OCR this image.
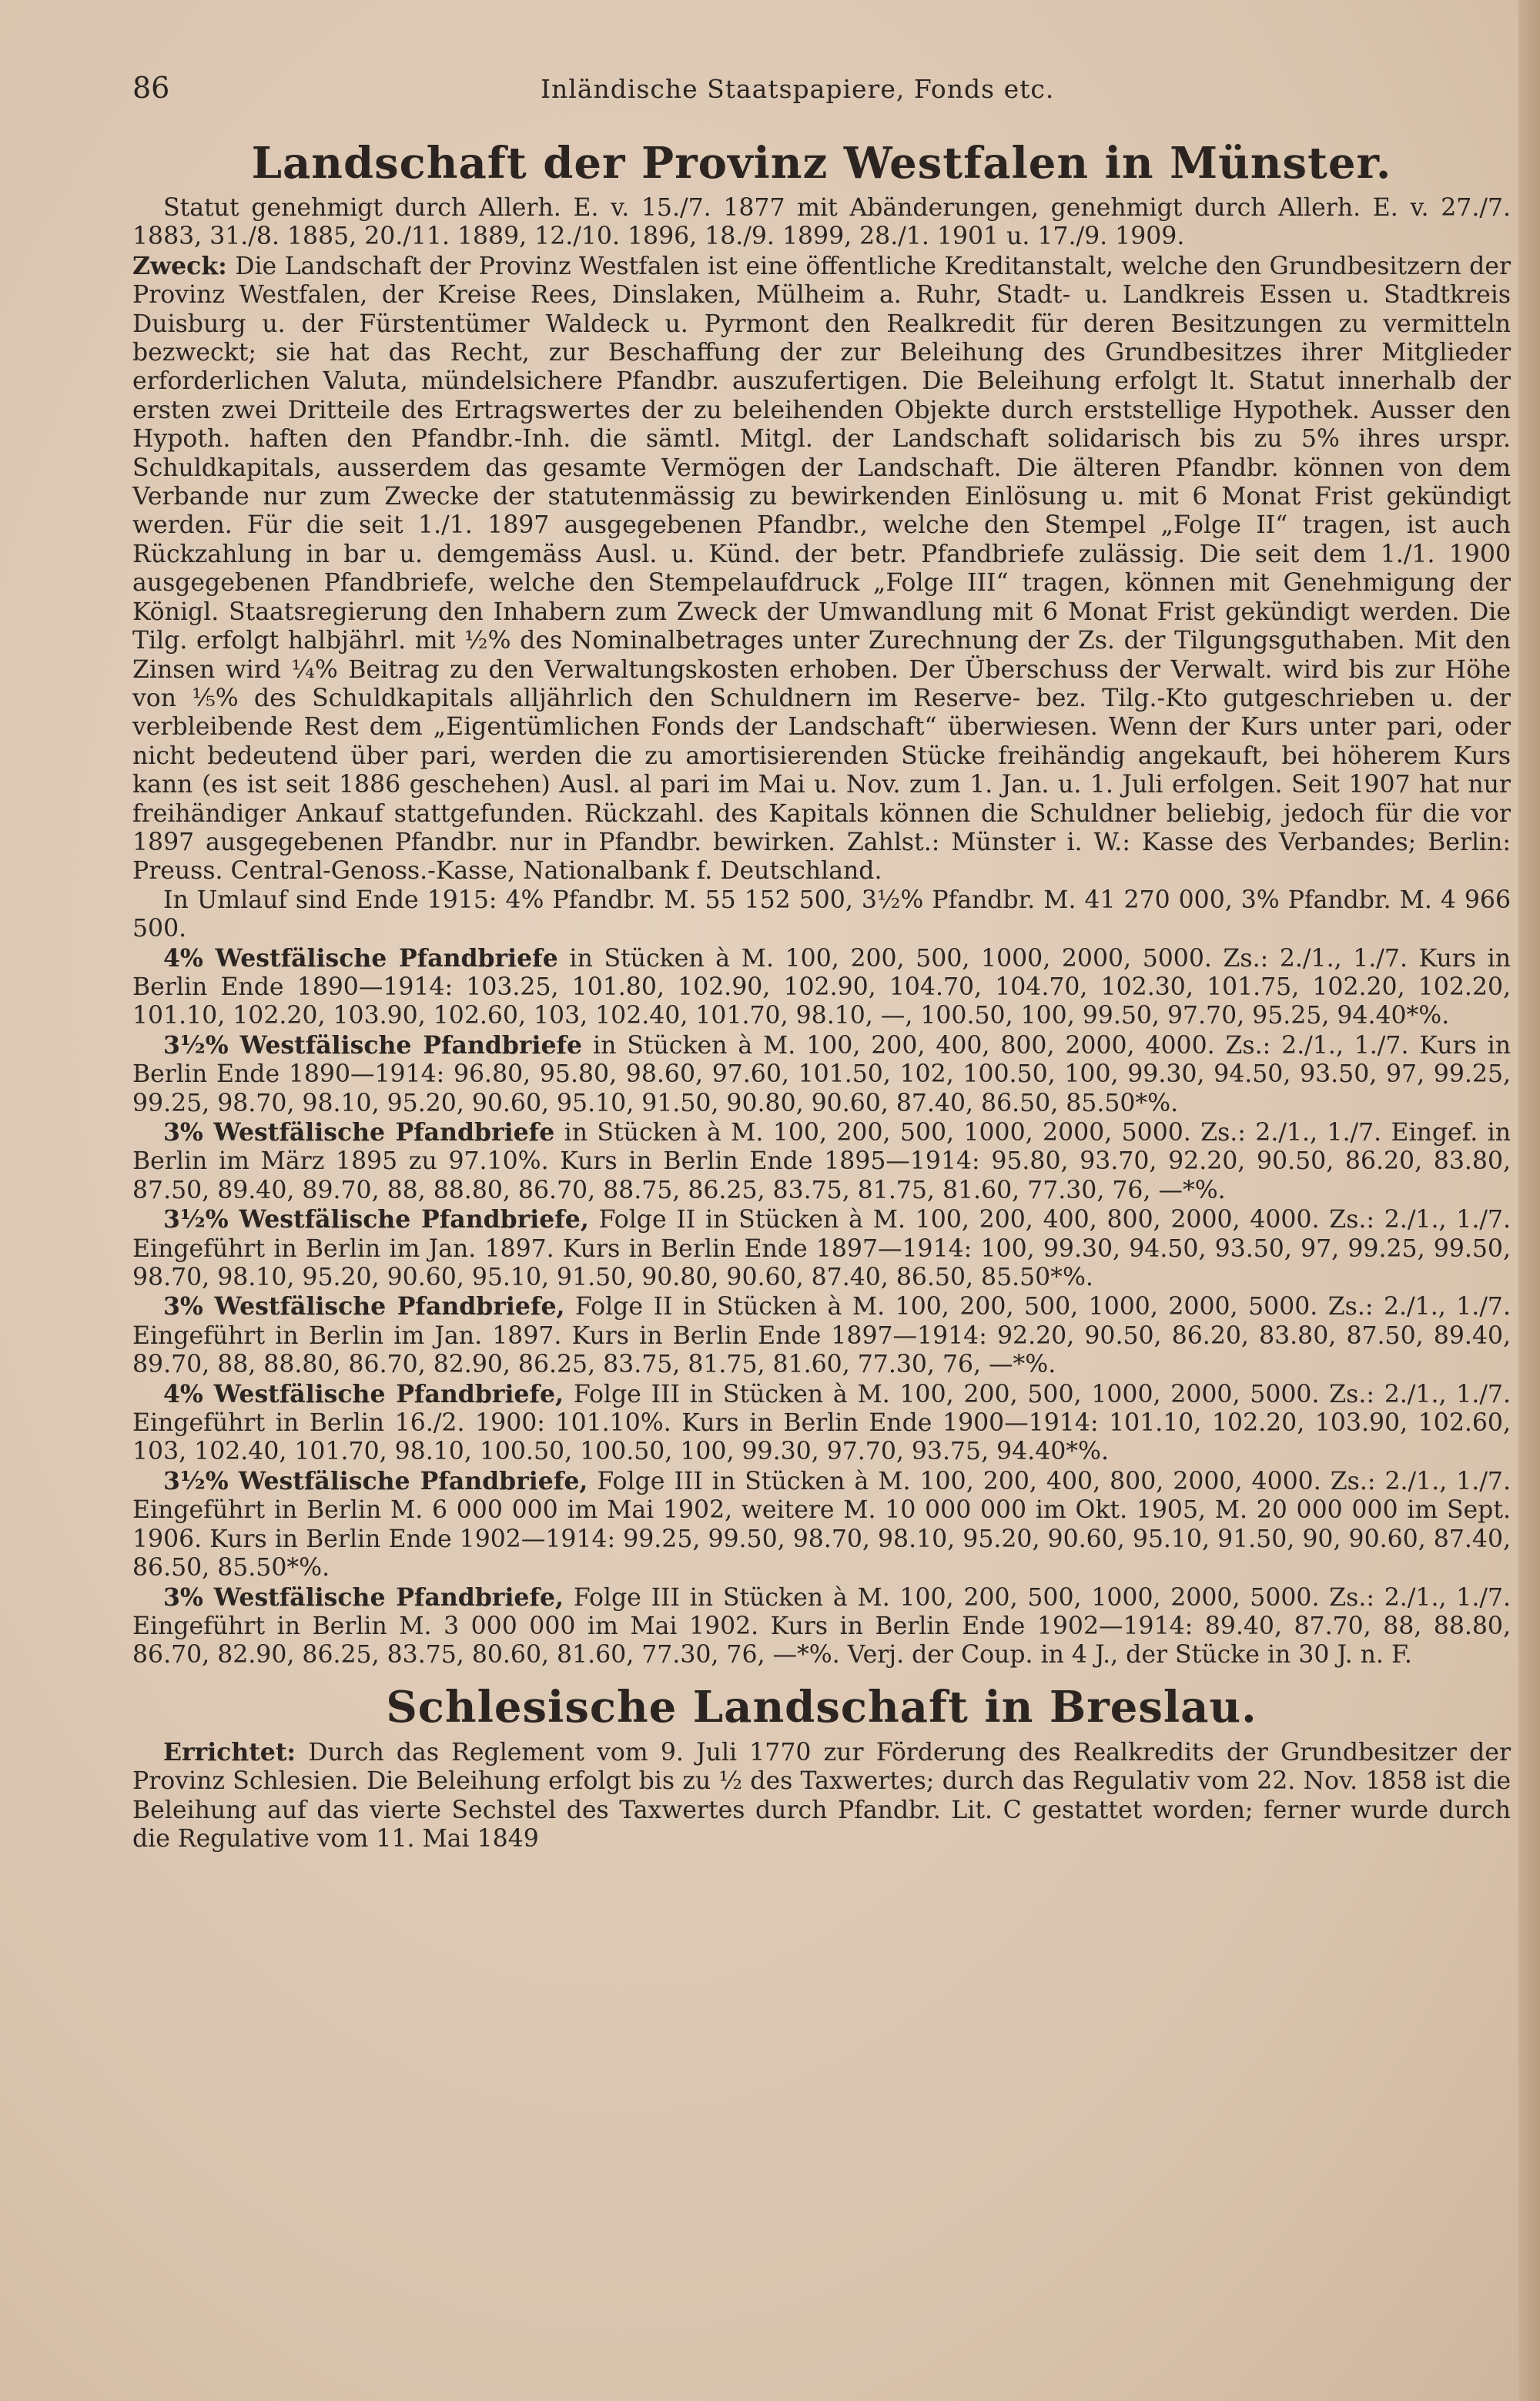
86	Inländische Staatspapiere, Fonds etc.
Landschaft der Provinz Westfalen in Münster.

Statut genehmigt durch Allerh. E. v. 15./7. 1877 mit Abänderungen, genehmigt durch Allerh. E. v. 27./7. 1883, 31./8. 1885, 20./11. 1889, 12./10. 1896, 18./9. 1899, 28./1. 1901 u. 17./9. 1909.

Zweck: Die Landschaft der Provinz Westfalen ist eine öffentliche Kreditanstalt, welche den Grundbesitzern der Provinz Westfalen, der Kreise Rees, Dinslaken, Mülheim a. Ruhr, Stadt- u. Landkreis Essen u. Stadtkreis Duisburg u. der Fürstentümer Waldeck u. Pyrmont den Realkredit für deren Besitzungen zu vermitteln bezweckt; sie hat das Recht, zur Beschaffung der zur Beleihung des Grundbesitzes ihrer Mitglieder erforderlichen Valuta, mündelsichere Pfandbr. auszufertigen. Die Beleihung erfolgt lt. Statut innerhalb der ersten zwei Dritteile des Ertragswertes der zu beleihenden Objekte durch erststellige Hypothek. Ausser den Hypoth. haften den Pfandbr.-Inh. die sämtl. Mitgl. der Landschaft solidarisch bis zu 5% ihres urspr. Schuldkapitals, ausserdem das gesamte Vermögen der Landschaft. Die älteren Pfandbr. können von dem Verbande nur zum Zwecke der statutenmässig zu bewirkenden Einlösung u. mit 6 Monat Frist gekündigt werden. Für die seit 1./1. 1897 ausgegebenen Pfandbr., welche den Stempel „Folge II“ tragen, ist auch Rückzahlung in bar u. demgemäss Ausl. u. Künd. der betr. Pfandbriefe zulässig. Die seit dem 1./1. 1900 ausgegebenen Pfandbriefe, welche den Stempelaufdruck „Folge III“ tragen, können mit Genehmigung der Königl. Staatsregierung den Inhabern zum Zweck der Umwandlung mit 6 Monat Frist gekündigt werden. Die Tilg. erfolgt halbjährl. mit ½% des Nominalbetrages unter Zurechnung der Zs. der Tilgungsguthaben. Mit den Zinsen wird ¼% Beitrag zu den Verwaltungskosten erhoben. Der Überschuss der Verwalt. wird bis zur Höhe von ⅕% des Schuldkapitals alljährlich den Schuldnern im Reserve- bez. Tilg.-Kto gutgeschrieben u. der verbleibende Rest dem „Eigentümlichen Fonds der Landschaft“ überwiesen. Wenn der Kurs unter pari, oder nicht bedeutend über pari, werden die zu amortisierenden Stücke freihändig angekauft, bei höherem Kurs kann (es ist seit 1886 geschehen) Ausl. al pari im Mai u. Nov. zum 1. Jan. u. 1. Juli erfolgen. Seit 1907 hat nur freihändiger Ankauf stattgefunden. Rückzahl. des Kapitals können die Schuldner beliebig, jedoch für die vor 1897 ausgegebenen Pfandbr. nur in Pfandbr. bewirken. Zahlst.: Münster i. W.: Kasse des Verbandes; Berlin: Preuss. Central-Genoss.-Kasse, Nationalbank f. Deutschland.

In Umlauf sind Ende 1915: 4% Pfandbr. M. 55 152 500, 3½% Pfandbr. M. 41 270 000, 3% Pfandbr. M. 4 966 500.

4% Westfälische Pfandbriefe in Stücken à M. 100, 200, 500, 1000, 2000, 5000. Zs.: 2./1., 1./7. Kurs in Berlin Ende 1890—1914: 103.25, 101.80, 102.90, 102.90, 104.70, 104.70, 102.30, 101.75, 102.20, 102.20, 101.10, 102.20, 103.90, 102.60, 103, 102.40, 101.70, 98.10, —, 100.50, 100, 99.50, 97.70, 95.25, 94.40*%.

3½% Westfälische Pfandbriefe in Stücken à M. 100, 200, 400, 800, 2000, 4000. Zs.: 2./1., 1./7. Kurs in Berlin Ende 1890—1914: 96.80, 95.80, 98.60, 97.60, 101.50, 102, 100.50, 100, 99.30, 94.50, 93.50, 97, 99.25, 99.25, 98.70, 98.10, 95.20, 90.60, 95.10, 91.50, 90.80, 90.60, 87.40, 86.50, 85.50*%.

3% Westfälische Pfandbriefe in Stücken à M. 100, 200, 500, 1000, 2000, 5000. Zs.: 2./1., 1./7. Eingef. in Berlin im März 1895 zu 97.10%. Kurs in Berlin Ende 1895—1914: 95.80, 93.70, 92.20, 90.50, 86.20, 83.80, 87.50, 89.40, 89.70, 88, 88.80, 86.70, 88.75, 86.25, 83.75, 81.75, 81.60, 77.30, 76, —*%.

3½% Westfälische Pfandbriefe, Folge II in Stücken à M. 100, 200, 400, 800, 2000, 4000. Zs.: 2./1., 1./7. Eingeführt in Berlin im Jan. 1897. Kurs in Berlin Ende 1897—1914: 100, 99.30, 94.50, 93.50, 97, 99.25, 99.50, 98.70, 98.10, 95.20, 90.60, 95.10, 91.50, 90.80, 90.60, 87.40, 86.50, 85.50*%.

3% Westfälische Pfandbriefe, Folge II in Stücken à M. 100, 200, 500, 1000, 2000, 5000. Zs.: 2./1., 1./7. Eingeführt in Berlin im Jan. 1897. Kurs in Berlin Ende 1897—1914: 92.20, 90.50, 86.20, 83.80, 87.50, 89.40, 89.70, 88, 88.80, 86.70, 82.90, 86.25, 83.75, 81.75, 81.60, 77.30, 76, —*%.

4% Westfälische Pfandbriefe, Folge III in Stücken à M. 100, 200, 500, 1000, 2000, 5000. Zs.: 2./1., 1./7. Eingeführt in Berlin 16./2. 1900: 101.10%. Kurs in Berlin Ende 1900—1914: 101.10, 102.20, 103.90, 102.60, 103, 102.40, 101.70, 98.10, 100.50, 100.50, 100, 99.30, 97.70, 93.75, 94.40*%.

3½% Westfälische Pfandbriefe, Folge III in Stücken à M. 100, 200, 400, 800, 2000, 4000. Zs.: 2./1., 1./7. Eingeführt in Berlin M. 6 000 000 im Mai 1902, weitere M. 10 000 000 im Okt. 1905, M. 20 000 000 im Sept. 1906. Kurs in Berlin Ende 1902—1914: 99.25, 99.50, 98.70, 98.10, 95.20, 90.60, 95.10, 91.50, 90, 90.60, 87.40, 86.50, 85.50*%.

3% Westfälische Pfandbriefe, Folge III in Stücken à M. 100, 200, 500, 1000, 2000, 5000. Zs.: 2./1., 1./7. Eingeführt in Berlin M. 3 000 000 im Mai 1902. Kurs in Berlin Ende 1902—1914: 89.40, 87.70, 88, 88.80, 86.70, 82.90, 86.25, 83.75, 80.60, 81.60, 77.30, 76, —*%. Verj. der Coup. in 4 J., der Stücke in 30 J. n. F.

Schlesische Landschaft in Breslau.

Errichtet: Durch das Reglement vom 9. Juli 1770 zur Förderung des Realkredits der Grundbesitzer der Provinz Schlesien. Die Beleihung erfolgt bis zu ½ des Taxwertes; durch das Regulativ vom 22. Nov. 1858 ist die Beleihung auf das vierte Sechstel des Taxwertes durch Pfandbr. Lit. C gestattet worden; ferner wurde durch die Regulative vom 11. Mai 1849
